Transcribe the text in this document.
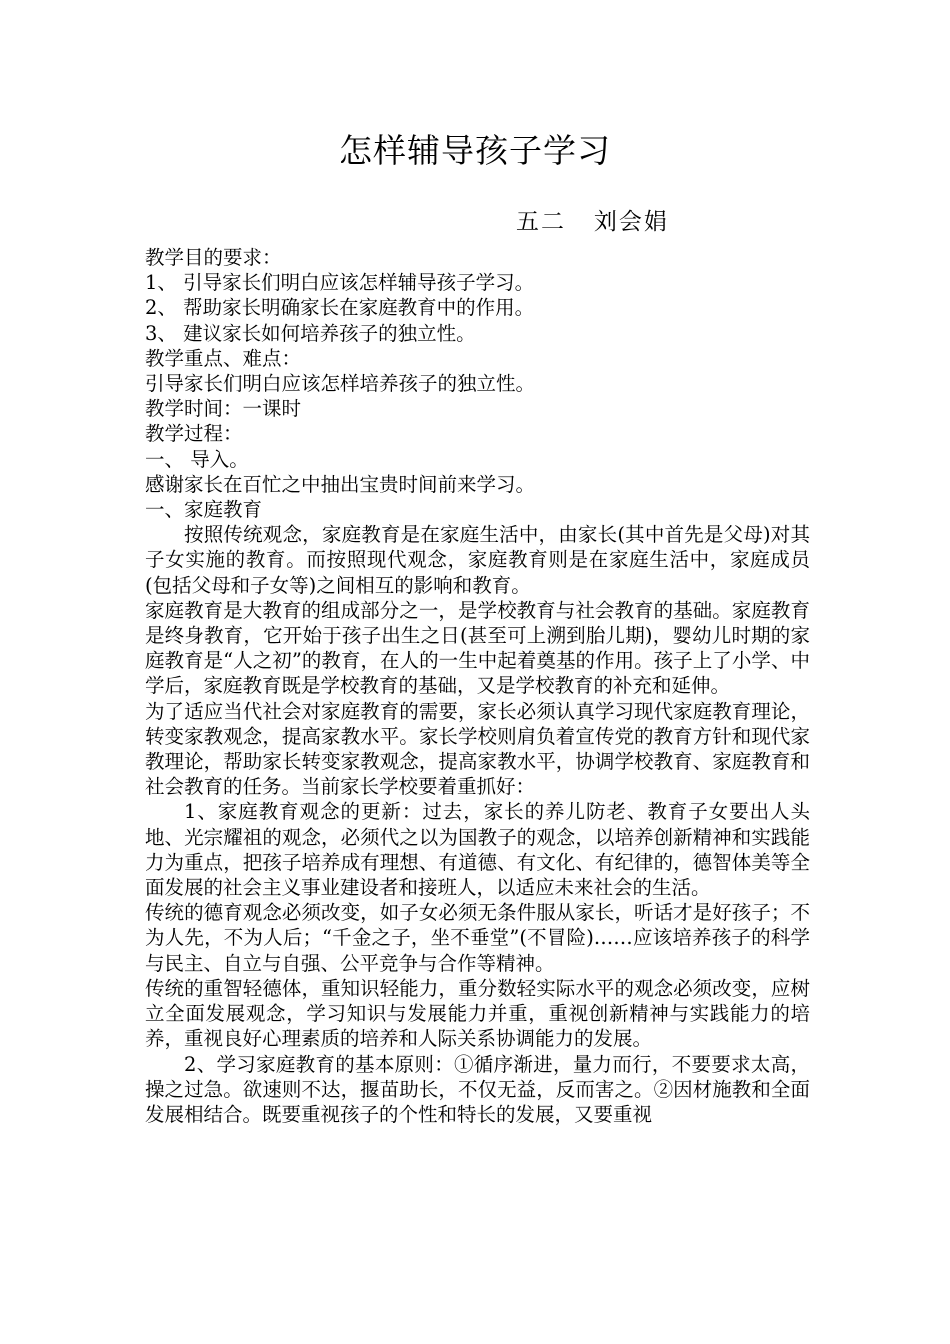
怎样辅导孩子学习
五二   刘会娟

教学目的要求：

1、 引导家长们明白应该怎样辅导孩子学习。

2、 帮助家长明确家长在家庭教育中的作用。

3、 建议家长如何培养孩子的独立性。

教学重点、难点：

引导家长们明白应该怎样培养孩子的独立性。

教学时间：一课时

教学过程：

一、 导入。

感谢家长在百忙之中抽出宝贵时间前来学习。

一、家庭教育

按照传统观念，家庭教育是在家庭生活中，由家长(其中首先是父母)对其子女实施的教育。而按照现代观念，家庭教育则是在家庭生活中，家庭成员(包括父母和子女等)之间相互的影响和教育。

家庭教育是大教育的组成部分之一，是学校教育与社会教育的基础。家庭教育是终身教育，它开始于孩子出生之日(甚至可上溯到胎儿期)，婴幼儿时期的家庭教育是“人之初”的教育，在人的一生中起着奠基的作用。孩子上了小学、中学后，家庭教育既是学校教育的基础，又是学校教育的补充和延伸。

为了适应当代社会对家庭教育的需要，家长必须认真学习现代家庭教育理论，转变家教观念，提高家教水平。家长学校则肩负着宣传党的教育方针和现代家教理论，帮助家长转变家教观念，提高家教水平，协调学校教育、家庭教育和社会教育的任务。当前家长学校要着重抓好：

1、家庭教育观念的更新：过去，家长的养儿防老、教育子女要出人头地、光宗耀祖的观念，必须代之以为国教子的观念，以培养创新精神和实践能力为重点，把孩子培养成有理想、有道德、有文化、有纪律的，德智体美等全面发展的社会主义事业建设者和接班人，以适应未来社会的生活。

传统的德育观念必须改变，如子女必须无条件服从家长，听话才是好孩子；不为人先，不为人后；“千金之子，坐不垂堂”(不冒险)……应该培养孩子的科学与民主、自立与自强、公平竞争与合作等精神。

传统的重智轻德体，重知识轻能力，重分数轻实际水平的观念必须改变，应树立全面发展观念，学习知识与发展能力并重，重视创新精神与实践能力的培养，重视良好心理素质的培养和人际关系协调能力的发展。

2、学习家庭教育的基本原则：①循序渐进，量力而行，不要要求太高，操之过急。欲速则不达，揠苗助长，不仅无益，反而害之。②因材施教和全面发展相结合。既要重视孩子的个性和特长的发展，又要重视
